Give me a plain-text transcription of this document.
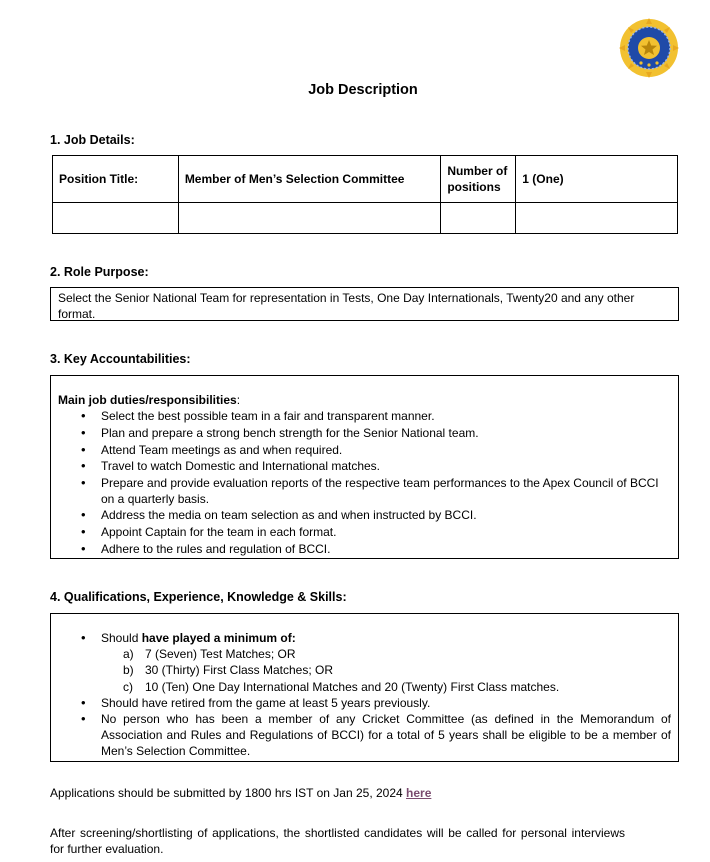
Job Description
1. Job Details:
Position Title:	Member of Men’s Selection Committee	Number of positions	1 (One)

2. Role Purpose:
Select the Senior National Team for representation in Tests, One Day Internationals, Twenty20 and any other format.
3. Key Accountabilities:
Main job duties/responsibilities:
• Select the best possible team in a fair and transparent manner.
• Plan and prepare a strong bench strength for the Senior National team.
• Attend Team meetings as and when required.
• Travel to watch Domestic and International matches.
• Prepare and provide evaluation reports of the respective team performances to the Apex Council of BCCI on a quarterly basis.
• Address the media on team selection as and when instructed by BCCI.
• Appoint Captain for the team in each format.
• Adhere to the rules and regulation of BCCI.
4. Qualifications, Experience, Knowledge & Skills:
• Should have played a minimum of:
a) 7 (Seven) Test Matches; OR
b) 30 (Thirty) First Class Matches; OR
c) 10 (Ten) One Day International Matches and 20 (Twenty) First Class matches.
• Should have retired from the game at least 5 years previously.
• No person who has been a member of any Cricket Committee (as defined in the Memorandum of Association and Rules and Regulations of BCCI) for a total of 5 years shall be eligible to be a member of Men’s Selection Committee.
Applications should be submitted by 1800 hrs IST on Jan 25, 2024 here
After screening/shortlisting of applications, the shortlisted candidates will be called for personal interviews for further evaluation.
